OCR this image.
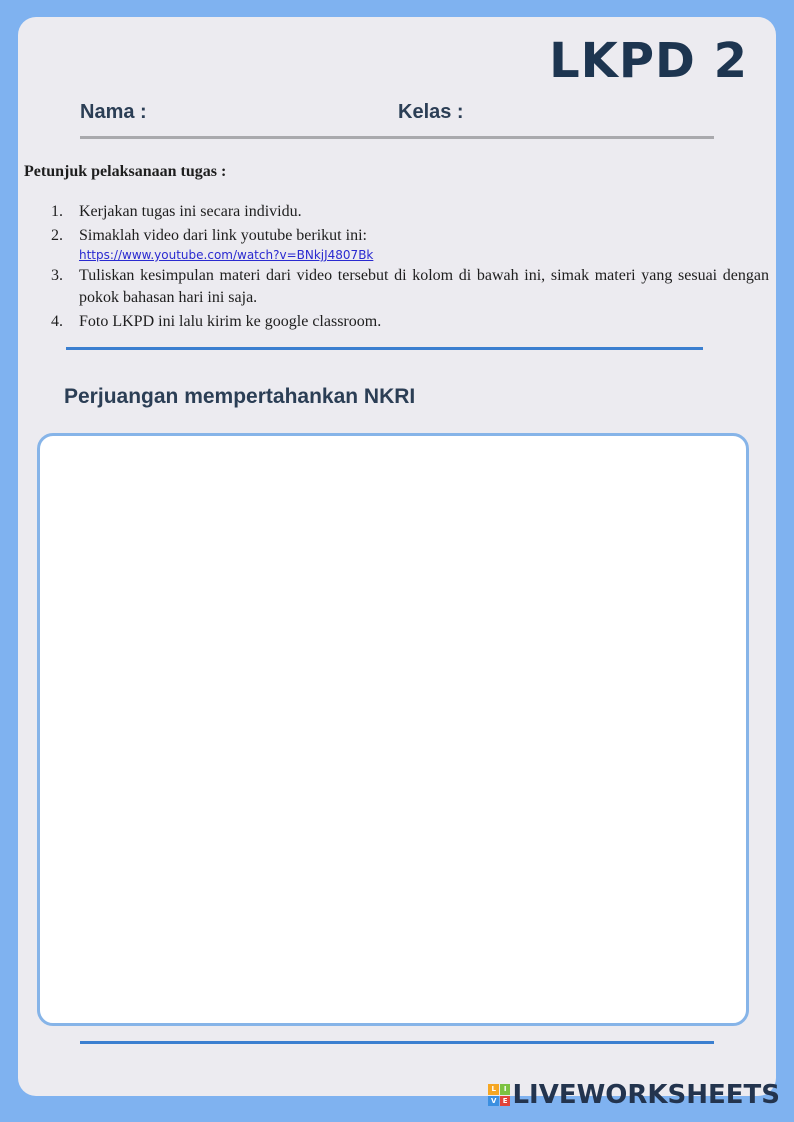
LKPD 2
Nama :	Kelas :
Petunjuk pelaksanaan tugas :
1. Kerjakan tugas ini secara individu.
2. Simaklah video dari link youtube berikut ini:
https://www.youtube.com/watch?v=BNkjJ4807Bk
3. Tuliskan kesimpulan materi dari video tersebut di kolom di bawah ini, simak materi yang sesuai dengan pokok bahasan hari ini saja.
4. Foto LKPD ini lalu kirim ke google classroom.
Perjuangan mempertahankan NKRI
L	I
V E LIVEWORKSHEETS
